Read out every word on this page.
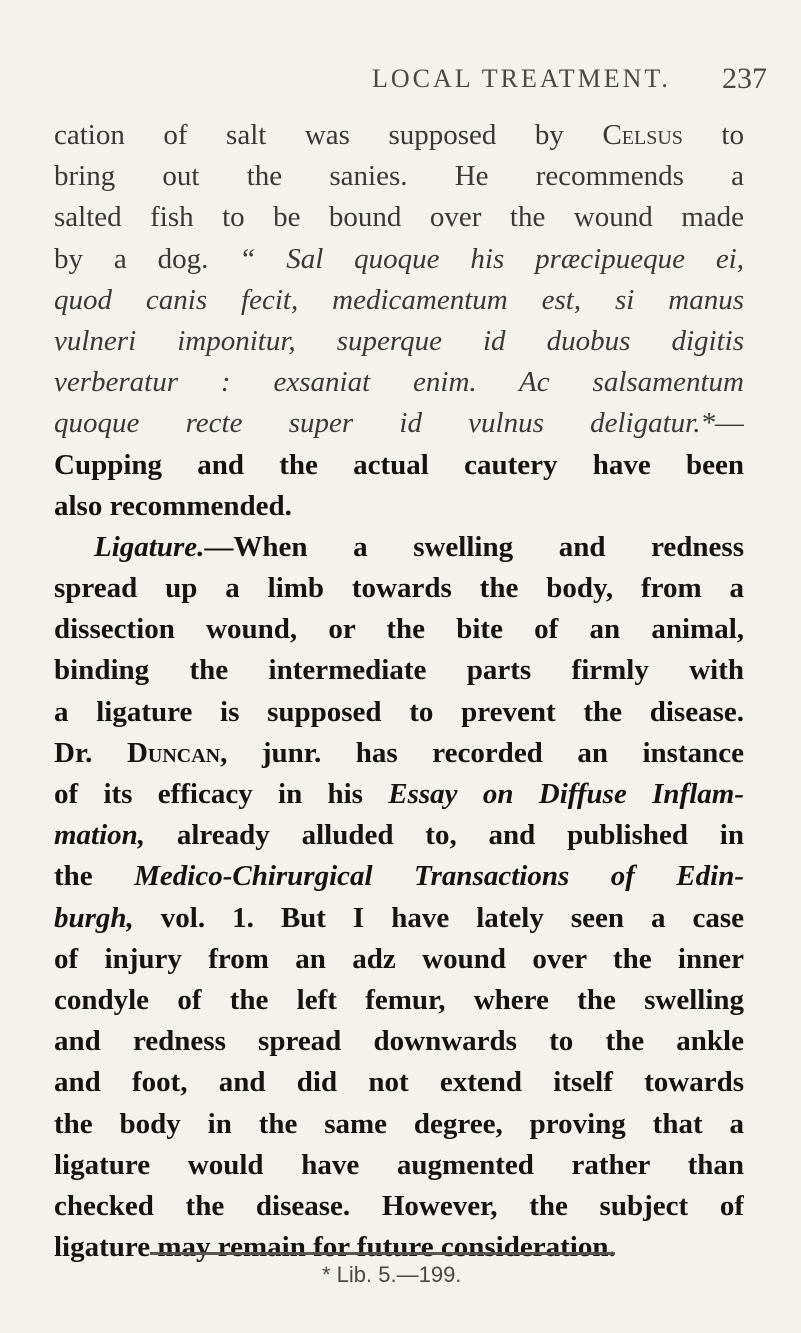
LOCAL TREATMENT. 237
cation of salt was supposed by Celsus to
bring out the sanies. He recommends a
salted fish to be bound over the wound made
by a dog. “ Sal quoque his præcipueque ei,
quod canis fecit, medicamentum est, si manus
vulneri imponitur, superque id duobus digitis
verberatur : exsaniat enim. Ac salsamentum
quoque recte super id vulnus deligatur.*—
Cupping and the actual cautery have been
also recommended.
Ligature.—When a swelling and redness
spread up a limb towards the body, from a
dissection wound, or the bite of an animal,
binding the intermediate parts firmly with
a ligature is supposed to prevent the disease.
Dr. Duncan, junr. has recorded an instance
of its efficacy in his Essay on Diffuse Inflam-
mation, already alluded to, and published in
the Medico-Chirurgical Transactions of Edin-
burgh, vol. 1. But I have lately seen a case
of injury from an adz wound over the inner
condyle of the left femur, where the swelling
and redness spread downwards to the ankle
and foot, and did not extend itself towards
the body in the same degree, proving that a
ligature would have augmented rather than
checked the disease. However, the subject of
ligature may remain for future consideration.
* Lib. 5.—199.
